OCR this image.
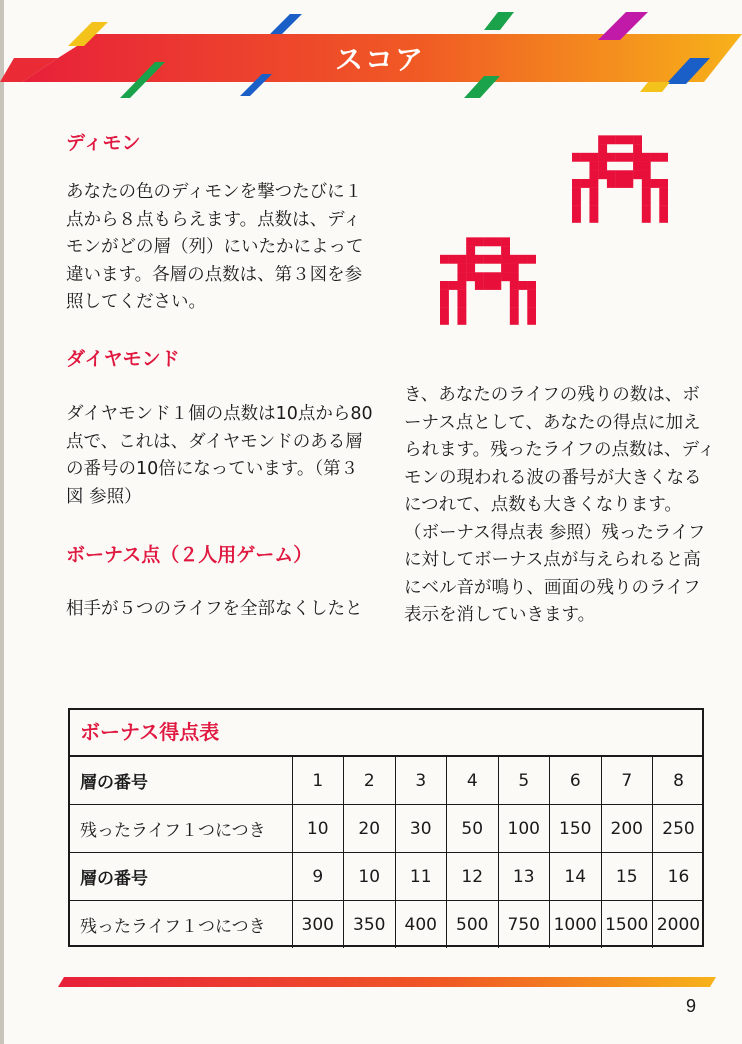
スコア
ディモン
あなたの色のディモンを撃つたびに１
点から８点もらえます。点数は、ディ
モンがどの層（列）にいたかによって
違います。各層の点数は、第３図を参
照してください。
ダイヤモンド
ダイヤモンド１個の点数は10点から80
点で、これは、ダイヤモンドのある層
の番号の10倍になっています。（第３
図 参照）
ボーナス点（２人用ゲーム）
相手が５つのライフを全部なくしたと
き、あなたのライフの残りの数は、ボ
ーナス点として、あなたの得点に加え
られます。残ったライフの点数は、ディ
モンの現われる波の番号が大きくなる
につれて、点数も大きくなります。
（ボーナス得点表 参照）残ったライフ
に対してボーナス点が与えられると高
にベル音が鳴り、画面の残りのライフ
表示を消していきます。
ボーナス得点表
層の番号	1	2	3	4	5	6	7	8
残ったライフ１つにつき	10	20	30	50	100	150	200	250
層の番号	9	10	11	12	13	14	15	16
残ったライフ１つにつき	300	350	400	500	750	1000	1500	2000
9
